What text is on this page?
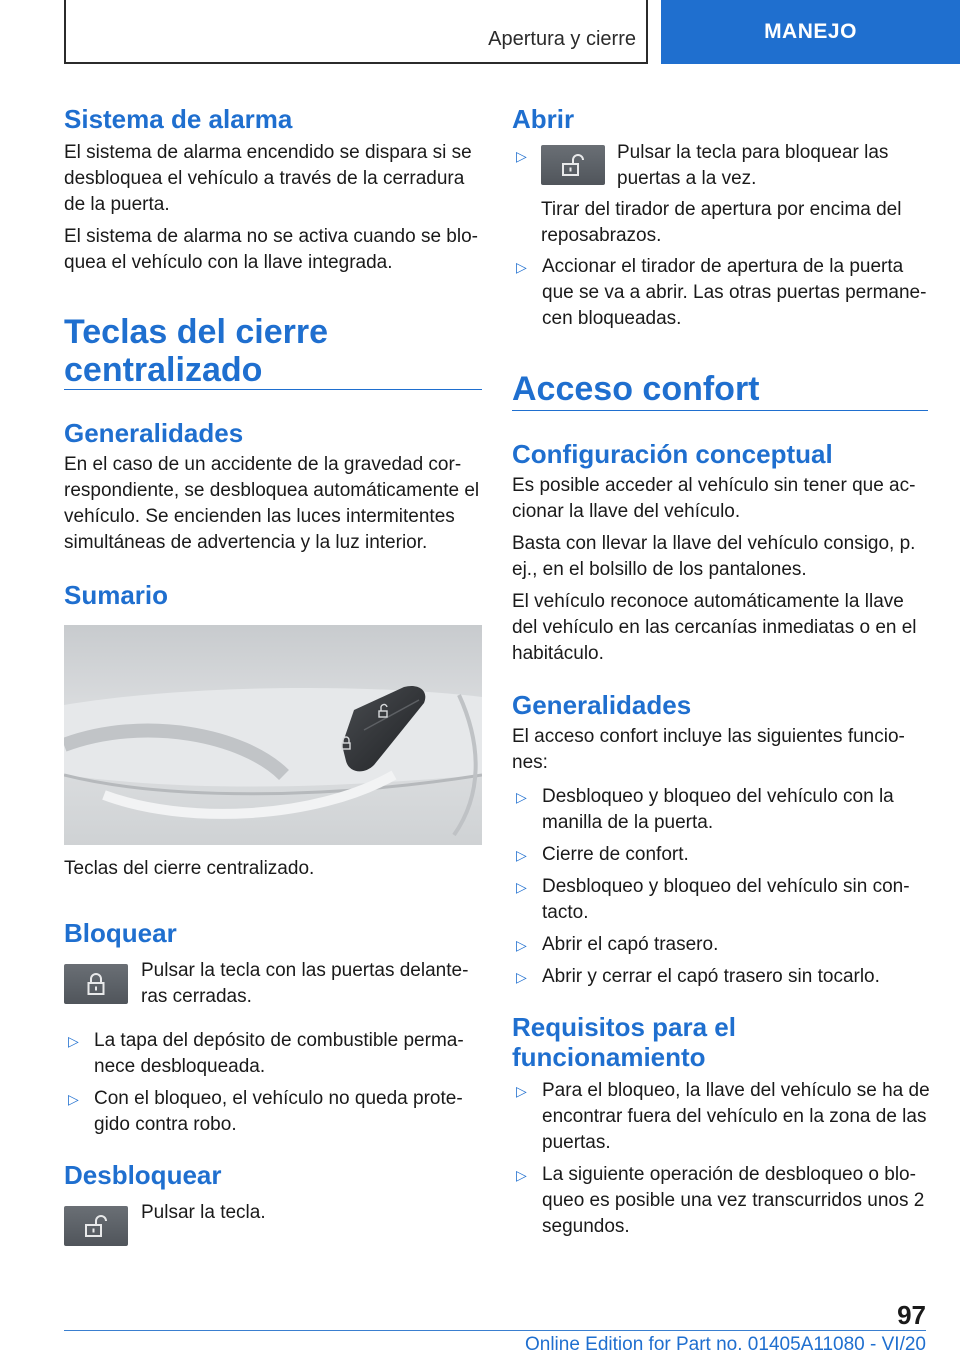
Apertura y cierre	MANEJO
Sistema de alarma

El sistema de alarma encendido se dispara si se desbloquea el vehículo a través de la cerradura de la puerta.

El sistema de alarma no se activa cuando se blo‐quea el vehículo con la llave integrada.

Teclas del cierre
centralizado
Generalidades

En el caso de un accidente de la gravedad cor‐respondiente, se desbloquea automáticamente el vehículo. Se encienden las luces intermitentes simultáneas de advertencia y la luz interior.

Sumario

Teclas del cierre centralizado.

Bloquear

Pulsar la tecla con las puertas delante‐ras cerradas.

▷ La tapa del depósito de combustible perma‐nece desbloqueada.
▷ Con el bloqueo, el vehículo no queda prote‐gido contra robo.
Desbloquear

Pulsar la tecla.

Abrir
▷	Pulsar la tecla para bloquear las puertas a la vez.

Tirar del tirador de apertura por encima del reposabrazos.

▷ Accionar el tirador de apertura de la puerta que se va a abrir. Las otras puertas permane‐cen bloqueadas.
Acceso confort
Configuración conceptual

Es posible acceder al vehículo sin tener que ac‐cionar la llave del vehículo.

Basta con llevar la llave del vehículo consigo, p. ej., en el bolsillo de los pantalones.

El vehículo reconoce automáticamente la llave del vehículo en las cercanías inmediatas o en el habitáculo.

Generalidades

El acceso confort incluye las siguientes funcio‐nes:

▷ Desbloqueo y bloqueo del vehículo con la manilla de la puerta.
▷ Cierre de confort.
▷ Desbloqueo y bloqueo del vehículo sin con‐tacto.
▷ Abrir el capó trasero.
▷ Abrir y cerrar el capó trasero sin tocarlo.
Requisitos para el
funcionamiento
▷ Para el bloqueo, la llave del vehículo se ha de encontrar fuera del vehículo en la zona de las puertas.
▷ La siguiente operación de desbloqueo o blo‐queo es posible una vez transcurridos unos 2 segundos.
97
Online Edition for Part no. 01405A11080 - VI/20
